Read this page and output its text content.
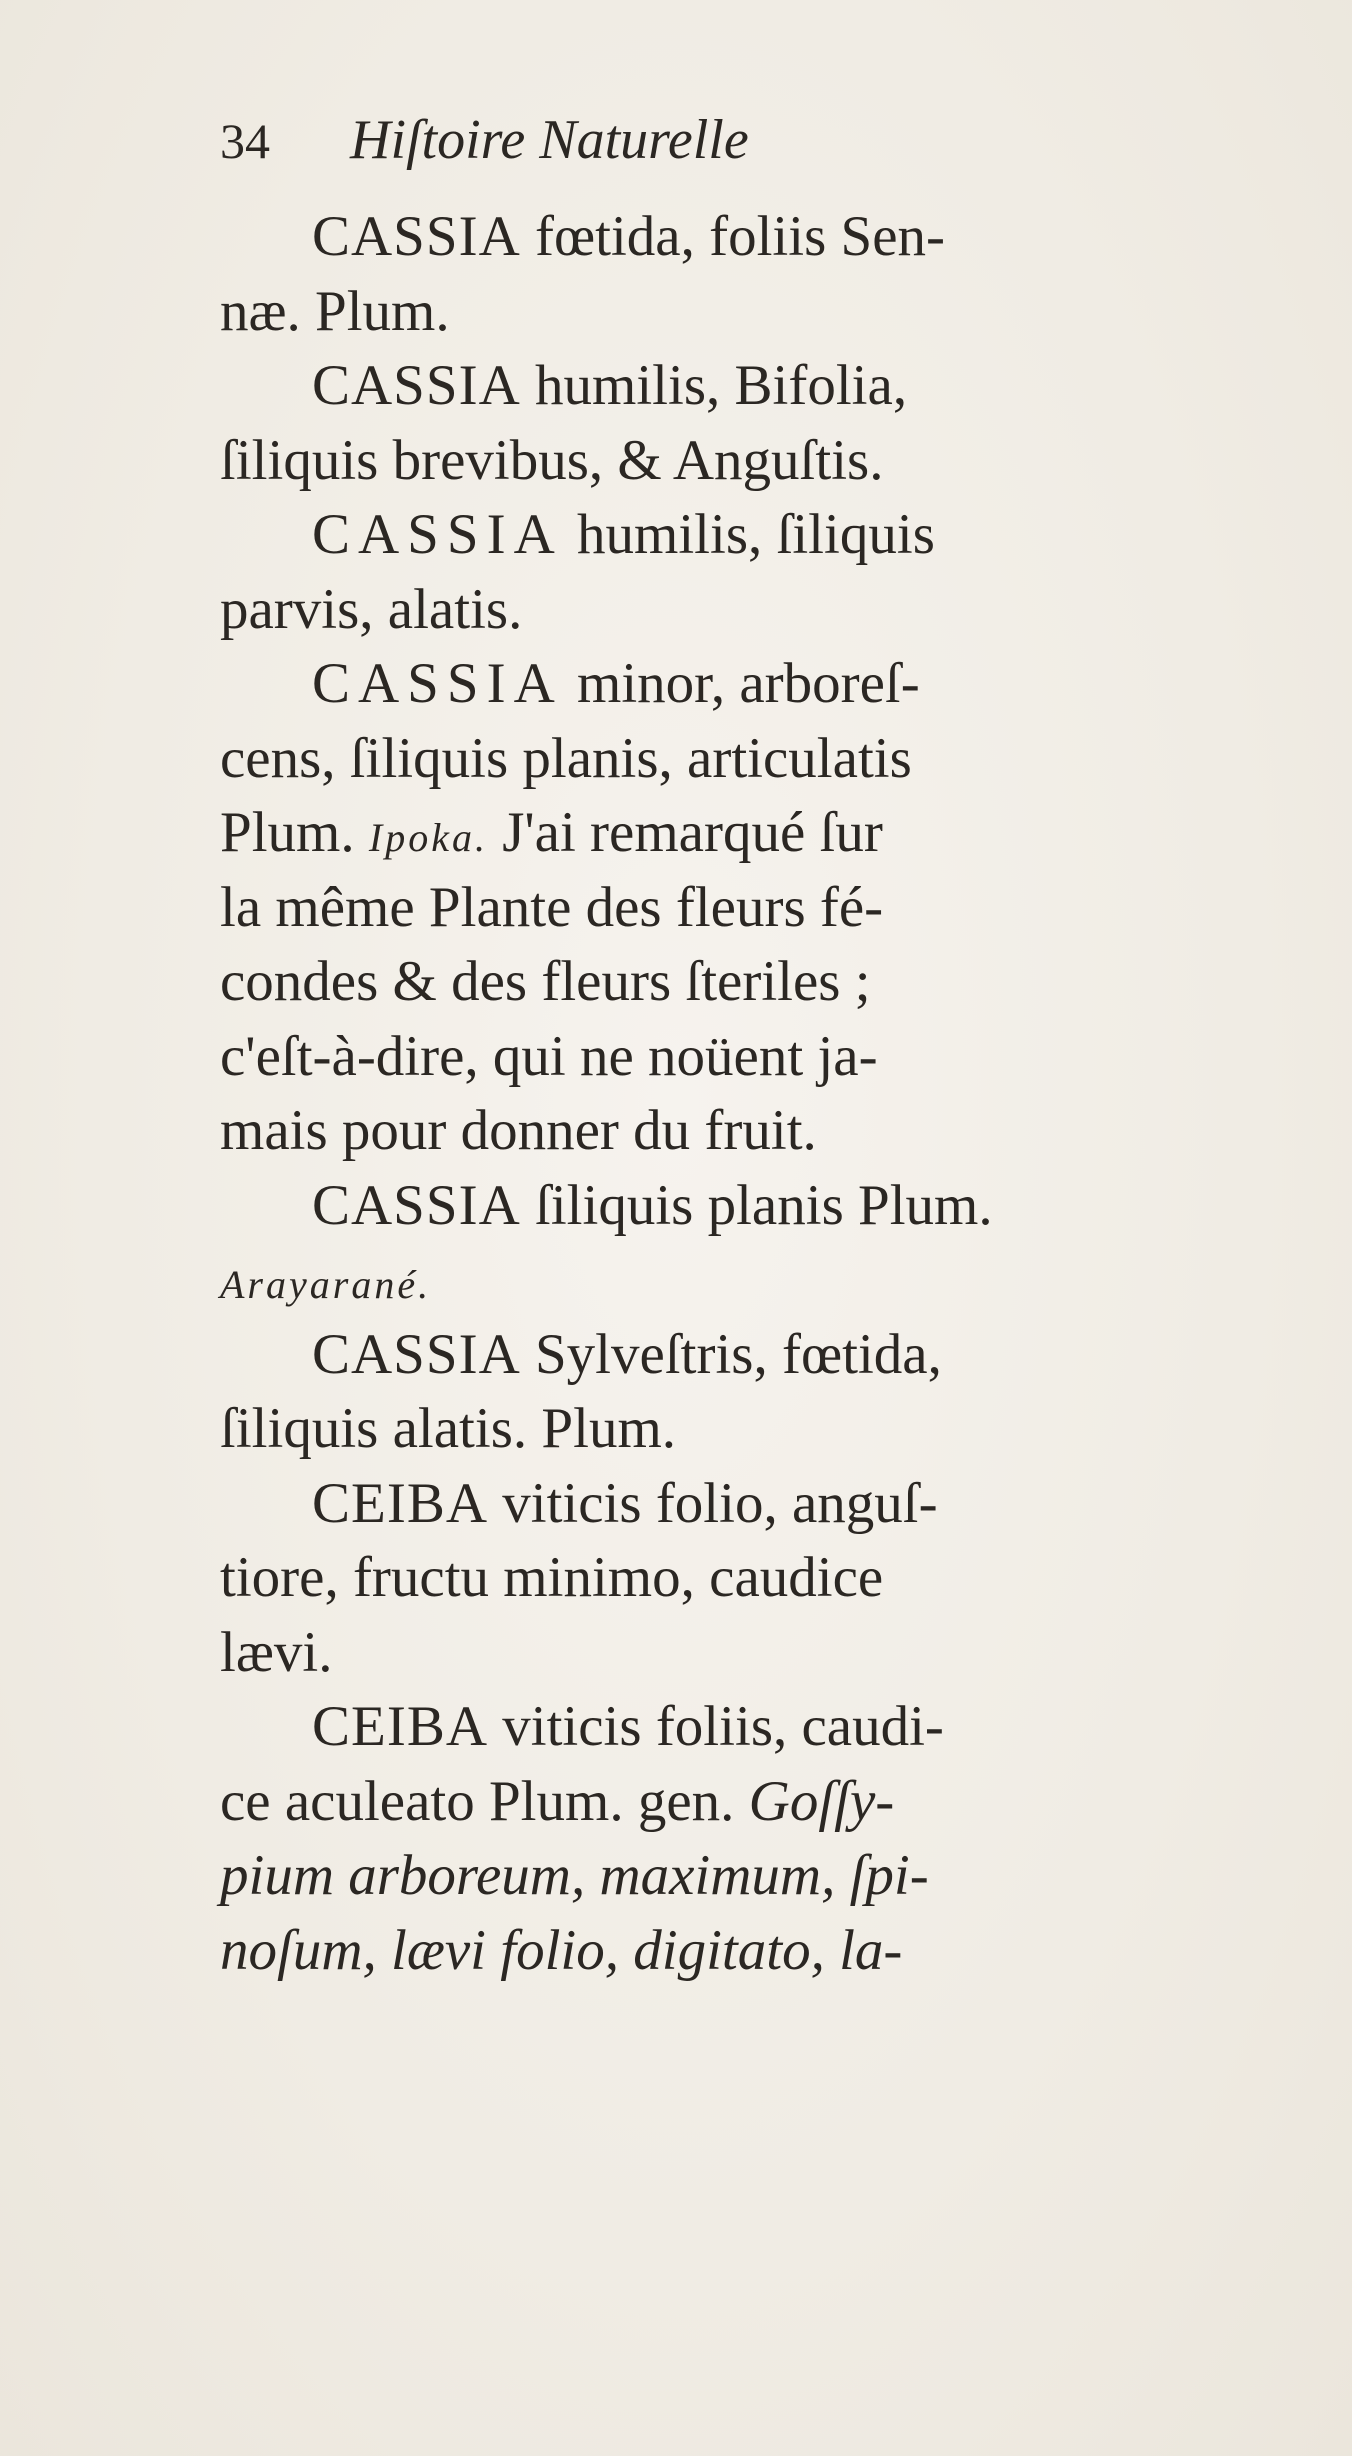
34 Hiſtoire Naturelle
CASSIA fœtida, foliis Sen-
næ. Plum.
CASSIA humilis, Bifolia,
ſiliquis brevibus, & Anguſtis.
CASSIA humilis, ſiliquis
parvis, alatis.
CASSIA minor, arboreſ-
cens, ſiliquis planis, articulatis
Plum. Ipoka. J'ai remarqué ſur
la même Plante des fleurs fé-
condes & des fleurs ſteriles ;
c'eſt-à-dire, qui ne noüent ja-
mais pour donner du fruit.
CASSIA ſiliquis planis Plum.
Arayarané.
CASSIA Sylveſtris, fœtida,
ſiliquis alatis. Plum.
CEIBA viticis folio, anguſ-
tiore, fructu minimo, caudice
lævi.
CEIBA viticis foliis, caudi-
ce aculeato Plum. gen. Goſſy-
pium arboreum, maximum, ſpi-
noſum, lævi folio, digitato, la-
